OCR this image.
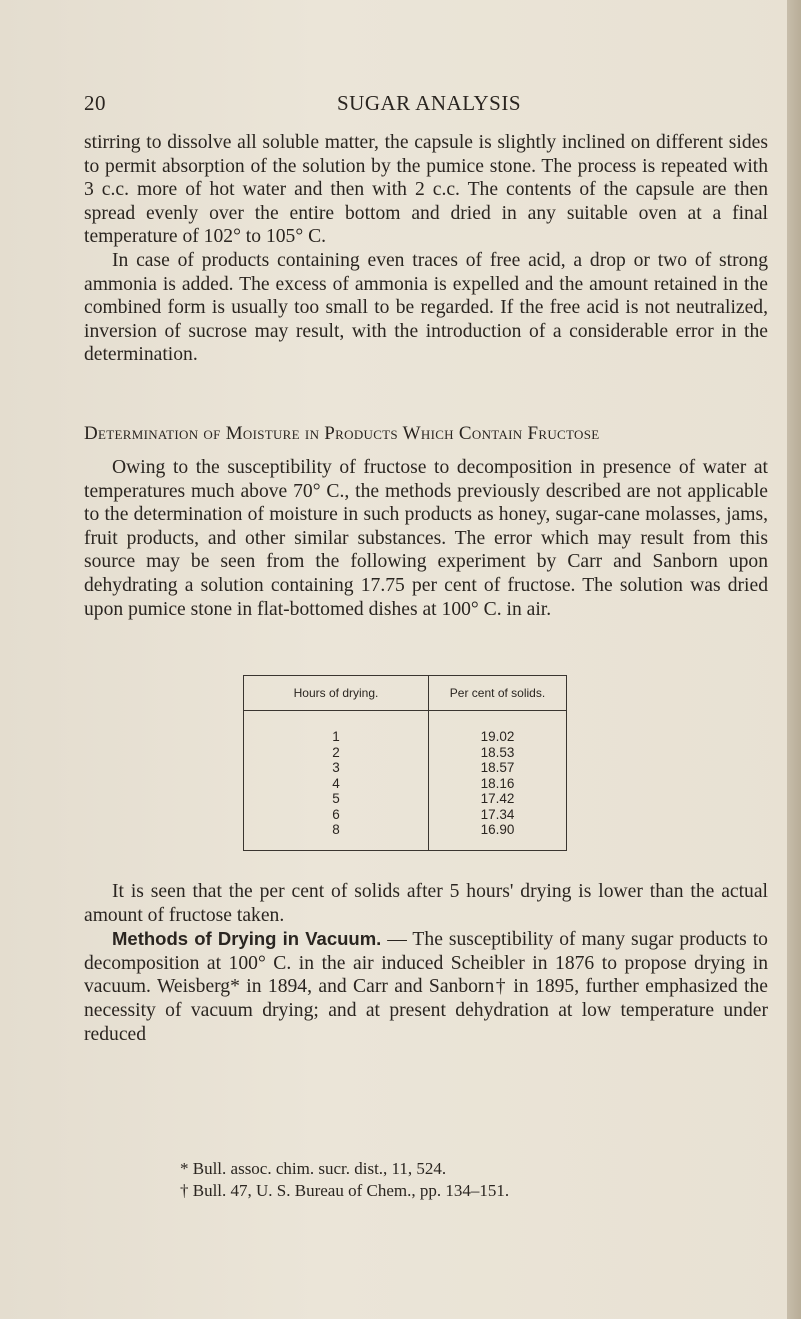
20	SUGAR ANALYSIS
stirring to dissolve all soluble matter, the capsule is slightly inclined on different sides to permit absorption of the solution by the pumice stone. The process is repeated with 3 c.c. more of hot water and then with 2 c.c. The contents of the capsule are then spread evenly over the entire bottom and dried in any suitable oven at a final temperature of 102° to 105° C.
In case of products containing even traces of free acid, a drop or two of strong ammonia is added. The excess of ammonia is expelled and the amount retained in the combined form is usually too small to be regarded. If the free acid is not neutralized, inversion of sucrose may result, with the introduction of a considerable error in the determination.
Determination of Moisture in Products Which Contain Fructose
Owing to the susceptibility of fructose to decomposition in presence of water at temperatures much above 70° C., the methods previously described are not applicable to the determination of moisture in such products as honey, sugar-cane molasses, jams, fruit products, and other similar substances. The error which may result from this source may be seen from the following experiment by Carr and Sanborn upon dehydrating a solution containing 17.75 per cent of fructose. The solution was dried upon pumice stone in flat-bottomed dishes at 100° C. in air.
Hours of drying.	Per cent of solids.
1	19.02
2	18.53
3	18.57
4	18.16
5	17.42
6	17.34
8	16.90
It is seen that the per cent of solids after 5 hours' drying is lower than the actual amount of fructose taken.
Methods of Drying in Vacuum. — The susceptibility of many sugar products to decomposition at 100° C. in the air induced Scheibler in 1876 to propose drying in vacuum. Weisberg* in 1894, and Carr and Sanborn† in 1895, further emphasized the necessity of vacuum drying; and at present dehydration at low temperature under reduced
* Bull. assoc. chim. sucr. dist., 11, 524.
† Bull. 47, U. S. Bureau of Chem., pp. 134–151.
